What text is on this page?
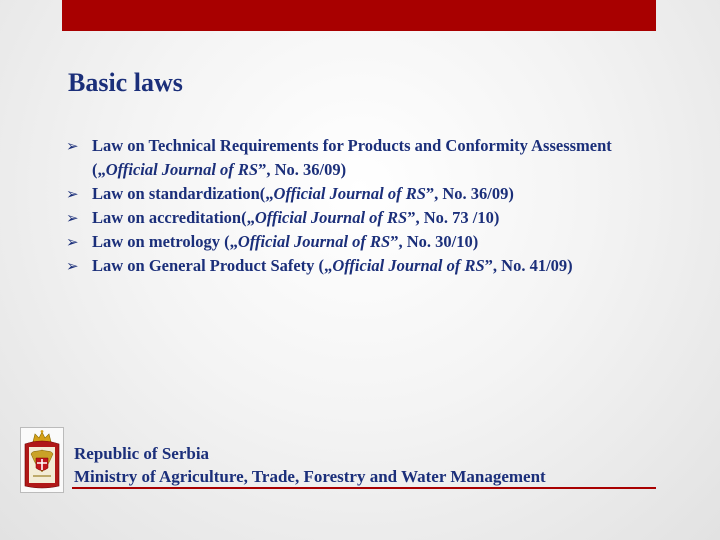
Basic laws
➢ Law on Technical Requirements for Products and Conformity Assessment („Official Journal of RS”, No. 36/09)
➢ Law on standardization(„Official Journal of RS”, No. 36/09)
➢ Law on accreditation(„Official Journal of RS”, No. 73 /10)
➢ Law on metrology („Official Journal of RS”, No. 30/10)
➢ Law on General Product Safety („Official Journal of RS”, No. 41/09)
Republic of Serbia
Ministry of Agriculture, Trade, Forestry and Water Management
